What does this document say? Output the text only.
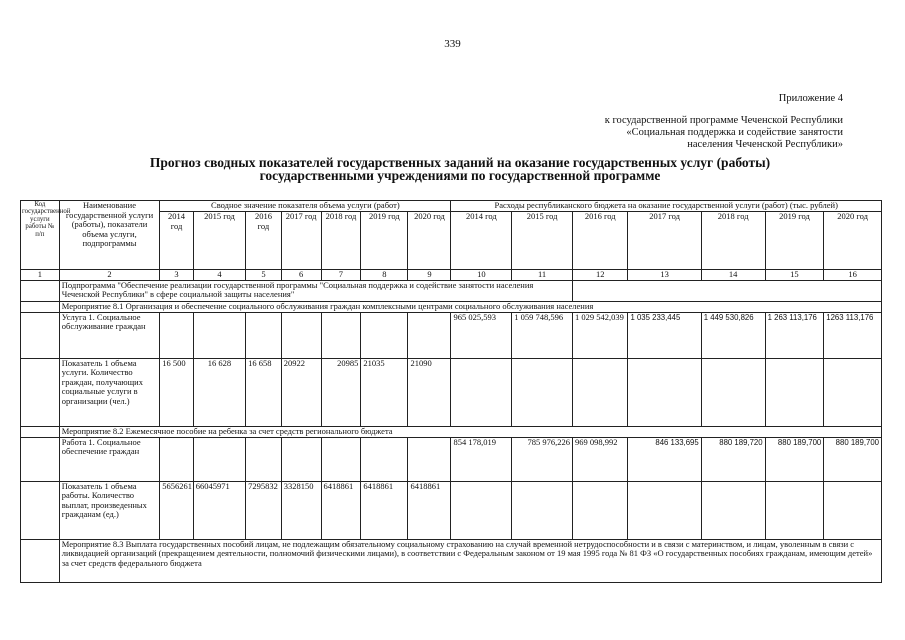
339
Приложение 4
к государственной программе Чеченской Республики
«Социальная поддержка и содействие занятости
населения Чеченской Республики»
Прогноз сводных показателей государственных заданий на оказание государственных услуг (работы)
государственными учреждениями по государственной программе
Код государственной услуги работы № п/п	Наименование государственной услуги (работы), показатели объема услуги, подпрограммы	Сводное значение показателя объема услуги (работ)							Расходы республиканского бюджета на оказание государственной услуги (работ) (тыс. рублей)						
		2014 год	2015 год	2016 год	2017 год	2018 год	2019 год	2020 год	2014 год	2015 год	2016 год	2017 год	2018 год	2019 год	2020 год
1	2	3	4	5	6	7	8	9	10	11	12	13	14	15	16
	Подпрограмма "Обеспечение реализации государственной программы "Социальная поддержка и содействие занятости населения Чеченской Республики" в сфере социальной защиты населения"														
	Мероприятие 8.1 Организация и обеспечение социального обслуживания граждан комплексными центрами социального обслуживания населения														
	Услуга 1. Социальное обслуживание граждан								965 025,593	1 059 748,596	1 029 542,039	1 035 233,445	1 449 530,826	1 263 113,176	1263 113,176
	Показатель 1 объема услуги. Количество граждан, получающих социальные услуги в организации (чел.)	16 500	16 628	16 658	20922	20985	21035	21090							
	Мероприятие 8.2 Ежемесячное пособие на ребенка за счет средств регионального бюджета														
	Работа 1. Социальное обеспечение граждан								854 178,019	785 976,226	969 098,992	846 133,695	880 189,720	880 189,700	880 189,700
	Показатель 1 объема работы. Количество выплат, произведенных гражданам (ед.)	5656261	66045971	7295832	3328150	6418861	6418861	6418861							
	Мероприятие 8.3 Выплата государственных пособий лицам, не подлежащим обязательному социальному страхованию на случай временной нетрудоспособности и в связи с материнством, и лицам, уволенным в связи с ликвидацией организаций (прекращением деятельности, полномочий физическими лицами), в соответствии с Федеральным законом от 19 мая 1995 года № 81 ФЗ «О государственных пособиях гражданам, имеющим детей» за счет средств федерального бюджета														
